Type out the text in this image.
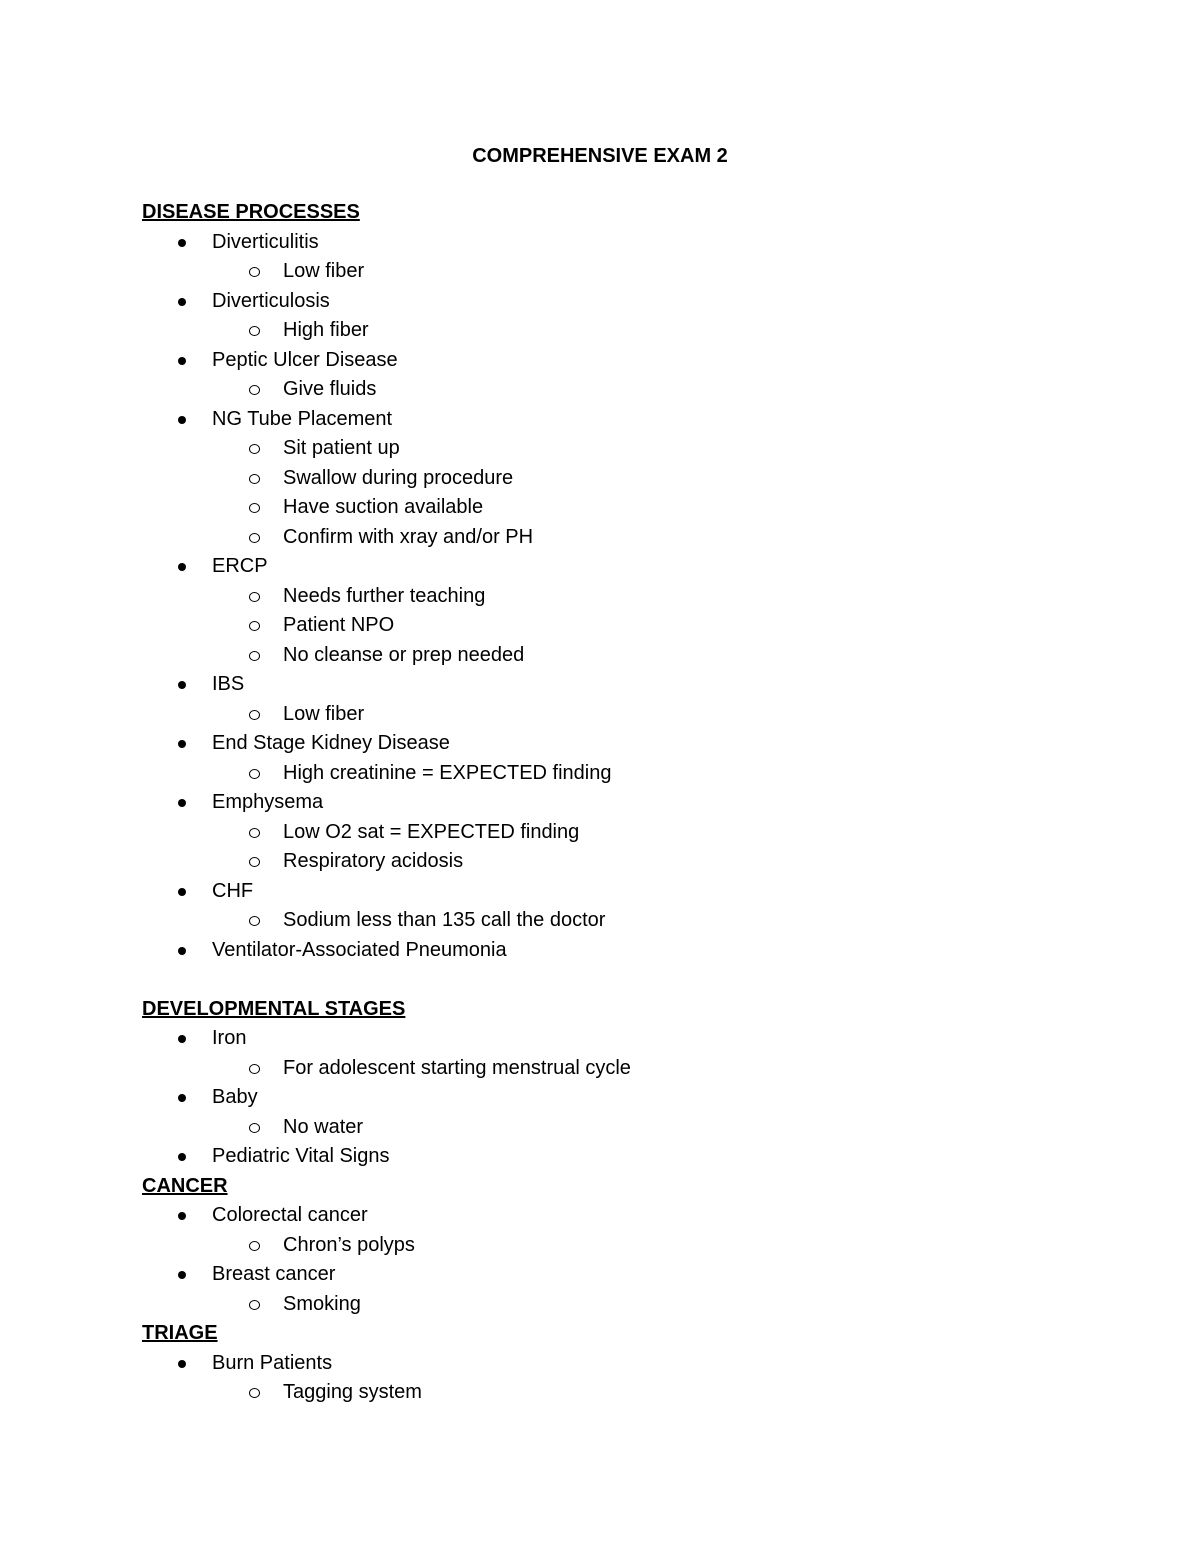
COMPREHENSIVE EXAM 2
DISEASE PROCESSES
Diverticulitis
Low fiber
Diverticulosis
High fiber
Peptic Ulcer Disease
Give fluids
NG Tube Placement
Sit patient up
Swallow during procedure
Have suction available
Confirm with xray and/or PH
ERCP
Needs further teaching
Patient NPO
No cleanse or prep needed
IBS
Low fiber
End Stage Kidney Disease
High creatinine = EXPECTED finding
Emphysema
Low O2 sat = EXPECTED finding
Respiratory acidosis
CHF
Sodium less than 135 call the doctor
Ventilator-Associated Pneumonia
DEVELOPMENTAL STAGES
Iron
For adolescent starting menstrual cycle
Baby
No water
Pediatric Vital Signs
CANCER
Colorectal cancer
Chron’s polyps
Breast cancer
Smoking
TRIAGE
Burn Patients
Tagging system
